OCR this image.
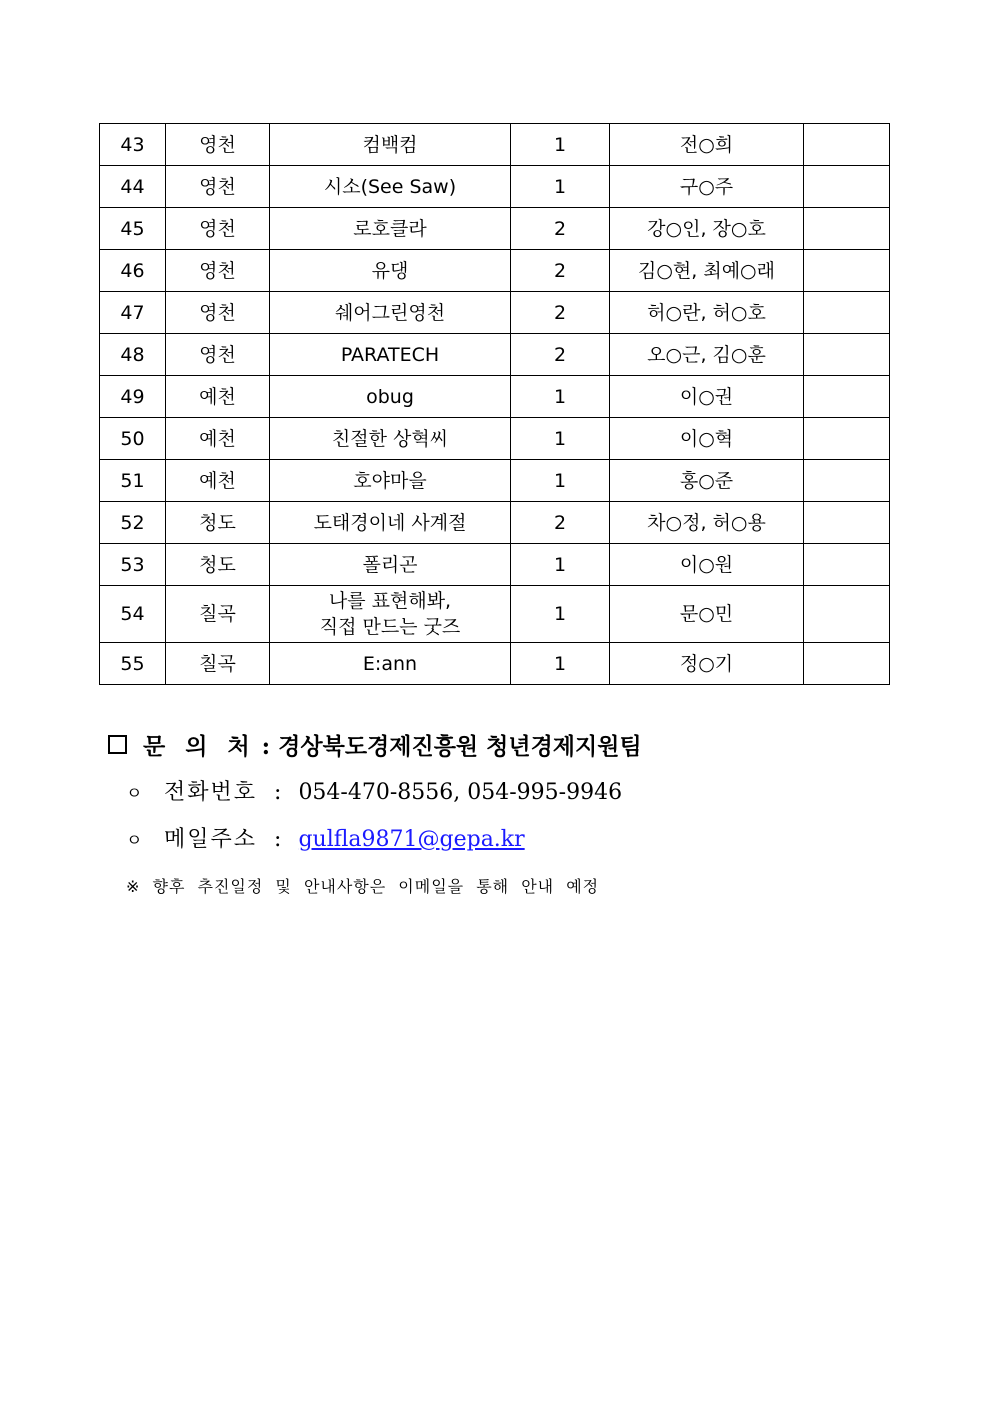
43	영천	컴백컴	1	전○희	
44	영천	시소(See Saw)	1	구○주	
45	영천	로호클라	2	강○인, 장○호	
46	영천	유댕	2	김○현, 최예○래	
47	영천	쉐어그린영천	2	허○란, 허○호	
48	영천	PARATECH	2	오○근, 김○훈	
49	예천	obug	1	이○권	
50	예천	친절한 상혁씨	1	이○혁	
51	예천	호야마을	1	홍○준	
52	청도	도태경이네 사계절	2	차○정, 허○용	
53	청도	폴리곤	1	이○원	
54	칠곡	나를 표현해봐,
직접 만드는 굿즈	1	문○민	
55	칠곡	E:ann	1	정○기	
문 의 처 : 경상북도경제진흥원 청년경제지원팀
ㅇ 전화번호 : 054-470-8556, 054-995-9946
ㅇ 메일주소 : gulfla9871@gepa.kr
※ 향후 추진일정 및 안내사항은 이메일을 통해 안내 예정
